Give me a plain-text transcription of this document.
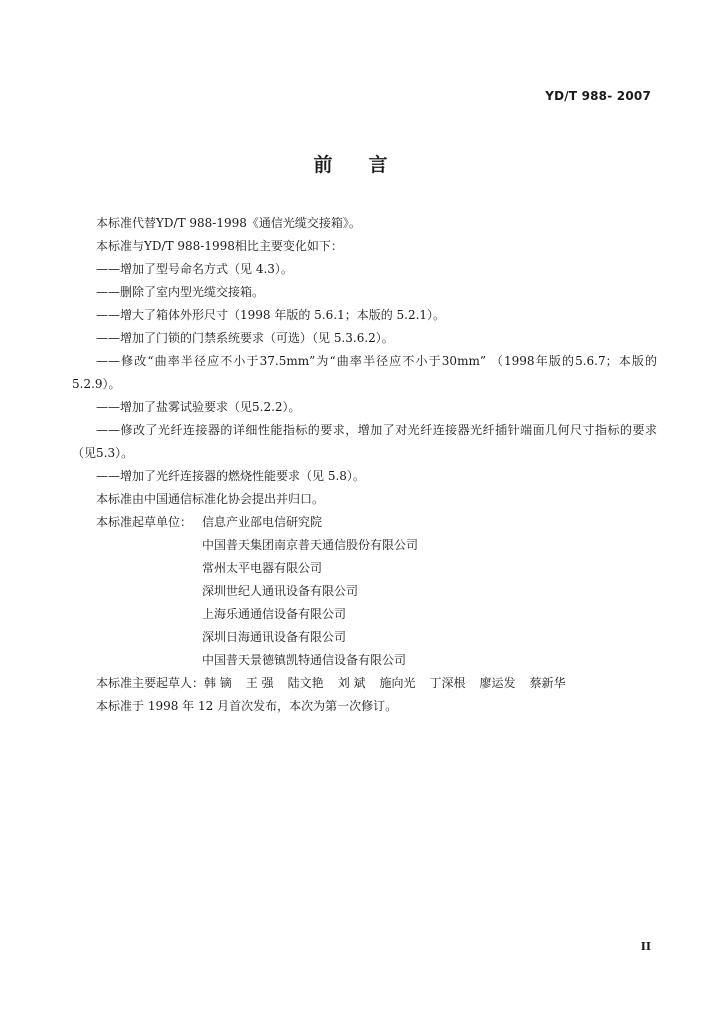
YD/T 988- 2007
前言

本标准代替YD/T 988-1998《通信光缆交接箱》。

本标准与YD/T 988-1998相比主要变化如下：

——增加了型号命名方式（见 4.3）。

——删除了室内型光缆交接箱。

——增大了箱体外形尺寸（1998 年版的 5.6.1；本版的 5.2.1）。

——增加了门锁的门禁系统要求（可选）（见 5.3.6.2）。

——修改“曲率半径应不小于37.5mm”为“曲率半径应不小于30mm” （1998年版的5.6.7；本版的5.2.9）。

——增加了盐雾试验要求（见5.2.2）。

——修改了光纤连接器的详细性能指标的要求，增加了对光纤连接器光纤插针端面几何尺寸指标的要求（见5.3）。

——增加了光纤连接器的燃烧性能要求（见 5.8）。

本标准由中国通信标准化协会提出并归口。

本标准起草单位： 信息产业部电信研究院

中国普天集团南京普天通信股份有限公司

常州太平电器有限公司

深圳世纪人通讯设备有限公司

上海乐通通信设备有限公司

深圳日海通讯设备有限公司

中国普天景德镇凯特通信设备有限公司

本标准主要起草人： 韩 镝 王 强 陆文艳 刘 斌 施向光 丁深根 廖运发 蔡新华

本标准于 1998 年 12 月首次发布，本次为第一次修订。

II
